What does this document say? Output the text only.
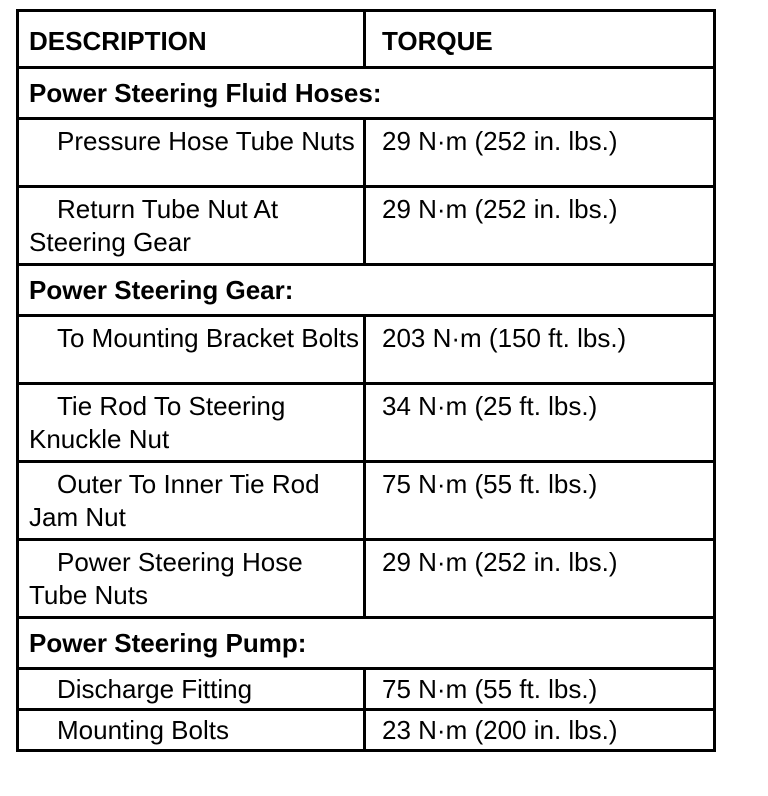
DESCRIPTION	TORQUE
Power Steering Fluid Hoses:	
Pressure Hose Tube Nuts	29 N·m (252 in. lbs.)
Return Tube Nut At Steering Gear	29 N·m (252 in. lbs.)
Power Steering Gear:	
To Mounting Bracket Bolts	203 N·m (150 ft. lbs.)
Tie Rod To Steering Knuckle Nut	34 N·m (25 ft. lbs.)
Outer To Inner Tie Rod Jam Nut	75 N·m (55 ft. lbs.)
Power Steering Hose Tube Nuts	29 N·m (252 in. lbs.)
Power Steering Pump:	
Discharge Fitting	75 N·m (55 ft. lbs.)
Mounting Bolts	23 N·m (200 in. lbs.)
